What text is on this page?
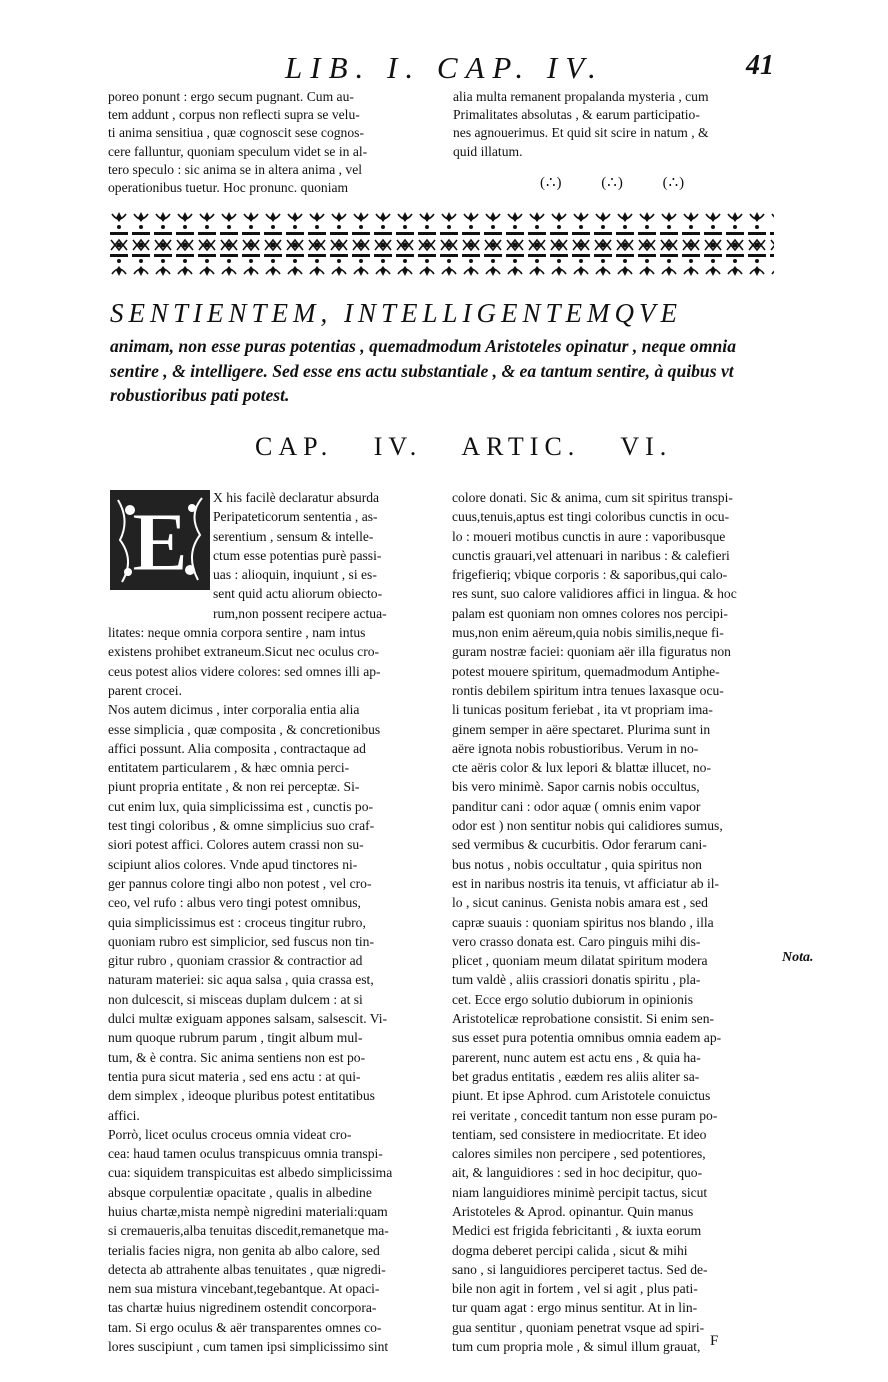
LIB. I. CAP. IV.	41
poreo ponunt : ergo secum pugnant. Cum au-
tem addunt , corpus non reflecti supra se velu-
ti anima sensitiua , quæ cognoscit sese cognos-
cere falluntur, quoniam speculum videt se in al-
tero speculo : sic anima se in altera anima , vel
operationibus tuetur. Hoc pronunc. quoniam
alia multa remanent propalanda mysteria , cum
Primalitates absolutas , & earum participatio-
nes agnouerimus. Et quid sit scire in natum , &
quid illatum.
(∴) (∴) (∴)
SENTIENTEM, INTELLIGENTEMQVE
animam, non esse puras potentias , quemadmodum Aristoteles opinatur , neque omnia sentire , & intelligere. Sed esse ens actu substantiale , & ea tantum sentire, à quibus vt robustioribus pati potest.
CAP. IV. ARTIC. VI.
E	X his facilè declaratur absurda
Peripateticorum sententia , as-
serentium , sensum & intelle-
ctum esse potentias purè passi-
uas : alioquin, inquiunt , si es-
sent quid actu aliorum obiecto-
rum,non possent recipere actua-
litates: neque omnia corpora sentire , nam intus
existens prohibet extraneum.Sicut nec oculus cro-
ceus potest alios videre colores: sed omnes illi ap-
parent crocei.
Nos autem dicimus , inter corporalia entia alia
esse simplicia , quæ composita , & concretionibus
affici possunt. Alia composita , contractaque ad
entitatem particularem , & hæc omnia perci-
piunt propria entitate , & non rei perceptæ. Si-
cut enim lux, quia simplicissima est , cunctis po-
test tingi coloribus , & omne simplicius suo craf-
siori potest affici. Colores autem crassi non su-
scipiunt alios colores. Vnde apud tinctores ni-
ger pannus colore tingi albo non potest , vel cro-
ceo, vel rufo : albus vero tingi potest omnibus,
quia simplicissimus est : croceus tingitur rubro,
quoniam rubro est simplicior, sed fuscus non tin-
gitur rubro , quoniam crassior & contractior ad
naturam materiei: sic aqua salsa , quia crassa est,
non dulcescit, si misceas duplam dulcem : at si
dulci multæ exiguam appones salsam, salsescit. Vi-
num quoque rubrum parum , tingit album mul-
tum, & è contra. Sic anima sentiens non est po-
tentia pura sicut materia , sed ens actu : at qui-
dem simplex , ideoque pluribus potest entitatibus
affici.
Porrò, licet oculus croceus omnia videat cro-
cea: haud tamen oculus transpicuus omnia transpi-
cua: siquidem transpicuitas est albedo simplicissima
absque corpulentiæ opacitate , qualis in albedine
huius chartæ,mista nempè nigredini materiali:quam
si cremaueris,alba tenuitas discedit,remanetque ma-
terialis facies nigra, non genita ab albo calore, sed
detecta ab attrahente albas tenuitates , quæ nigredi-
nem sua mistura vincebant,tegebantque. At opaci-
tas chartæ huius nigredinem ostendit concorpora-
tam. Si ergo oculus & aër transparentes omnes co-
lores suscipiunt , cum tamen ipsi simplicissimo sint
colore donati. Sic & anima, cum sit spiritus transpi-
cuus,tenuis,aptus est tingi coloribus cunctis in ocu-
lo : moueri motibus cunctis in aure : vaporibusque
cunctis grauari,vel attenuari in naribus : & calefieri
frigefieriq; vbique corporis : & saporibus,qui calo-
res sunt, suo calore validiores affici in lingua. & hoc
palam est quoniam non omnes colores nos percipi-
mus,non enim aëreum,quia nobis similis,neque fi-
guram nostræ faciei: quoniam aër illa figuratus non
potest mouere spiritum, quemadmodum Antiphe-
rontis debilem spiritum intra tenues laxasque ocu-
li tunicas positum feriebat , ita vt propriam ima-
ginem semper in aëre spectaret. Plurima sunt in
aëre ignota nobis robustioribus. Verum in no-
cte aëris color & lux lepori & blattæ illucet, no-
bis vero minimè. Sapor carnis nobis occultus,
panditur cani : odor aquæ ( omnis enim vapor
odor est ) non sentitur nobis qui calidiores sumus,
sed vermibus & cucurbitis. Odor ferarum cani-
bus notus , nobis occultatur , quia spiritus non
est in naribus nostris ita tenuis, vt afficiatur ab il-
lo , sicut caninus. Genista nobis amara est , sed
capræ suauis : quoniam spiritus nos blando , illa
vero crasso donata est. Caro pinguis mihi dis-
plicet , quoniam meum dilatat spiritum modera
tum valdè , aliis crassiori donatis spiritu , pla-
cet. Ecce ergo solutio dubiorum in opinionis
Aristotelicæ reprobatione consistit. Si enim sen-
sus esset pura potentia omnibus omnia eadem ap-
parerent, nunc autem est actu ens , & quia ha-
bet gradus entitatis , eædem res aliis aliter sa-
piunt. Et ipse Aphrod. cum Aristotele conuictus
rei veritate , concedit tantum non esse puram po-
tentiam, sed consistere in mediocritate. Et ideo
calores similes non percipere , sed potentiores,
ait, & languidiores : sed in hoc decipitur, quo-
niam languidiores minimè percipit tactus, sicut
Aristoteles & Aprod. opinantur. Quin manus
Medici est frigida febricitanti , & iuxta eorum
dogma deberet percipi calida , sicut & mihi
sano , si languidiores perciperet tactus. Sed de-
bile non agit in fortem , vel si agit , plus pati-
tur quam agat : ergo minus sentitur. At in lin-
gua sentitur , quoniam penetrat vsque ad spiri-
tum cum propria mole , & simul illum grauat,
Nota.
F
